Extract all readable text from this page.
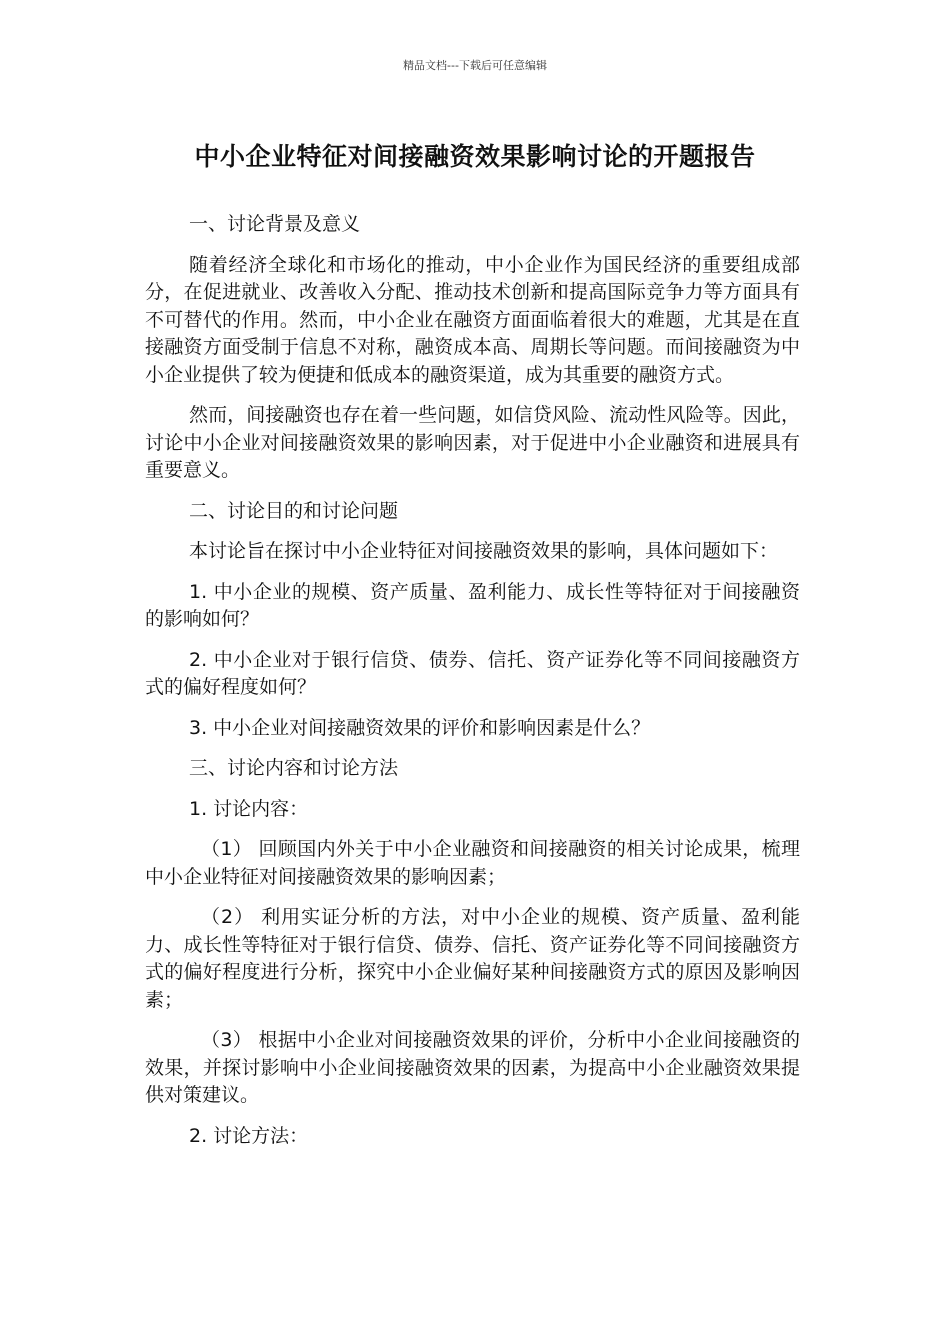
精品文档---下载后可任意编辑
中小企业特征对间接融资效果影响讨论的开题报告

一、讨论背景及意义

随着经济全球化和市场化的推动，中小企业作为国民经济的重要组成部分，在促进就业、改善收入分配、推动技术创新和提高国际竞争力等方面具有不可替代的作用。然而，中小企业在融资方面面临着很大的难题，尤其是在直接融资方面受制于信息不对称，融资成本高、周期长等问题。而间接融资为中小企业提供了较为便捷和低成本的融资渠道，成为其重要的融资方式。

然而，间接融资也存在着一些问题，如信贷风险、流动性风险等。因此，讨论中小企业对间接融资效果的影响因素，对于促进中小企业融资和进展具有重要意义。

二、讨论目的和讨论问题

本讨论旨在探讨中小企业特征对间接融资效果的影响，具体问题如下：

1. 中小企业的规模、资产质量、盈利能力、成长性等特征对于间接融资的影响如何？

2. 中小企业对于银行信贷、债券、信托、资产证券化等不同间接融资方式的偏好程度如何？

3. 中小企业对间接融资效果的评价和影响因素是什么？

三、讨论内容和讨论方法

1. 讨论内容：

（1） 回顾国内外关于中小企业融资和间接融资的相关讨论成果，梳理中小企业特征对间接融资效果的影响因素；

（2） 利用实证分析的方法，对中小企业的规模、资产质量、盈利能力、成长性等特征对于银行信贷、债券、信托、资产证券化等不同间接融资方式的偏好程度进行分析，探究中小企业偏好某种间接融资方式的原因及影响因素；

（3） 根据中小企业对间接融资效果的评价，分析中小企业间接融资的效果，并探讨影响中小企业间接融资效果的因素，为提高中小企业融资效果提供对策建议。

2. 讨论方法：
